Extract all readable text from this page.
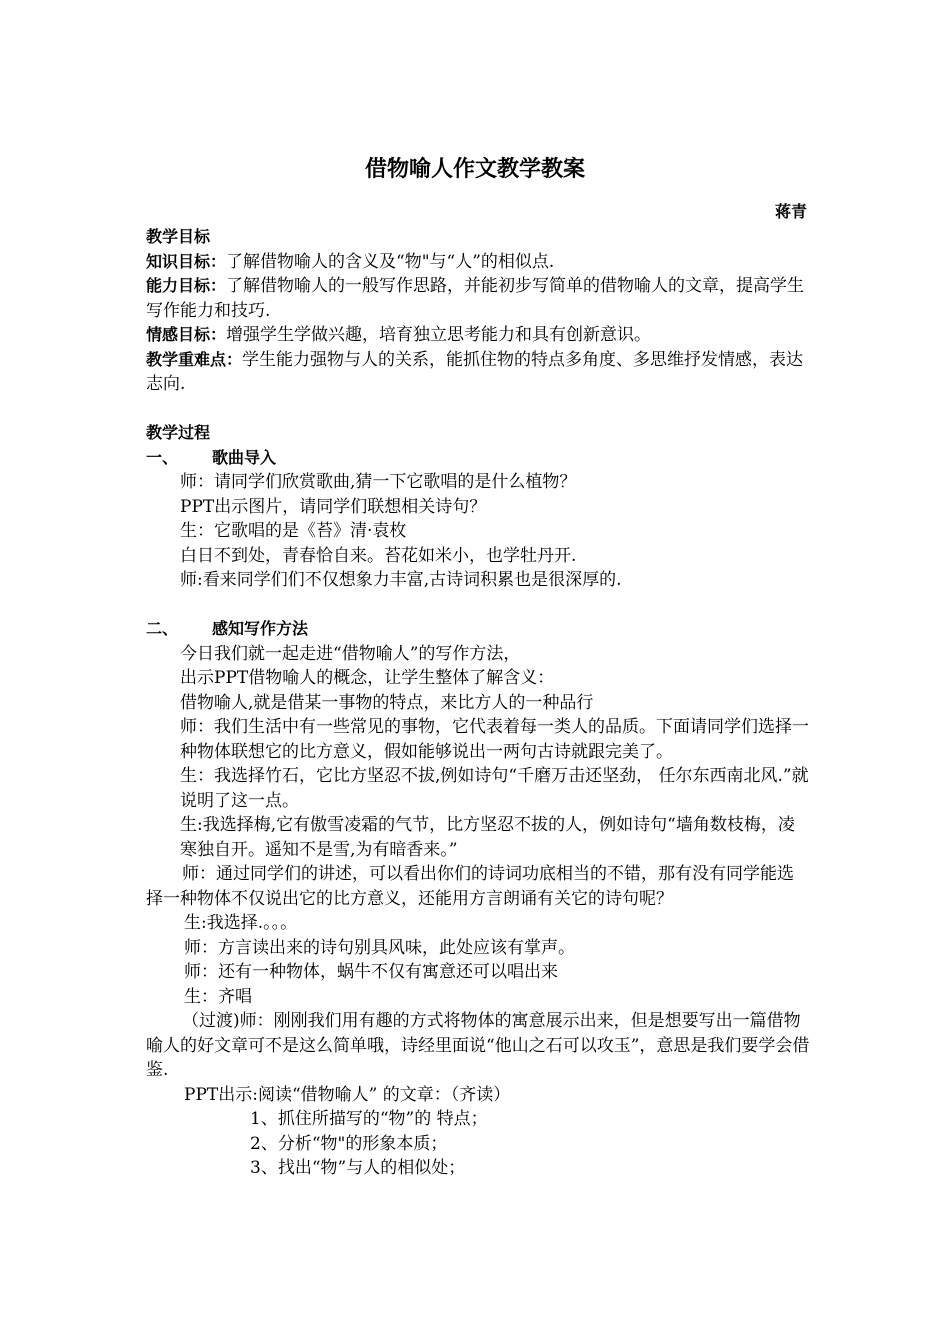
借物喻人作文教学教案
蒋青

教学目标

知识目标：了解借物喻人的含义及“物"与“人”的相似点.

能力目标：了解借物喻人的一般写作思路，并能初步写简单的借物喻人的文章，提高学生写作能力和技巧.

情感目标：增强学生学做兴趣，培育独立思考能力和具有创新意识。

教学重难点：学生能力强物与人的关系，能抓住物的特点多角度、多思维抒发情感，表达志向.

教学过程

一、 歌曲导入

师：请同学们欣赏歌曲,猜一下它歌唱的是什么植物？

PPT出示图片，请同学们联想相关诗句？

生：它歌唱的是《苔》清·袁枚

白日不到处，青春恰自来。苔花如米小，也学牡丹开.

师:看来同学们们不仅想象力丰富,古诗词积累也是很深厚的.

二、 感知写作方法

今日我们就一起走进“借物喻人”的写作方法，

出示PPT借物喻人的概念，让学生整体了解含义：

借物喻人,就是借某一事物的特点，来比方人的一种品行

师：我们生活中有一些常见的事物，它代表着每一类人的品质。下面请同学们选择一种物体联想它的比方意义，假如能够说出一两句古诗就跟完美了。

生：我选择竹石，它比方坚忍不拔,例如诗句“千磨万击还坚劲， 任尔东西南北风.”就说明了这一点。

生:我选择梅,它有傲雪凌霜的气节，比方坚忍不拔的人，例如诗句“墙角数枝梅，凌寒独自开。遥知不是雪,为有暗香来。”

师：通过同学们的讲述，可以看出你们的诗词功底相当的不错，那有没有同学能选择一种物体不仅说出它的比方意义，还能用方言朗诵有关它的诗句呢？

生:我选择.。。。

师：方言读出来的诗句别具风味，此处应该有掌声。

师：还有一种物体，蜗牛不仅有寓意还可以唱出来

生：齐唱

（过渡)师：刚刚我们用有趣的方式将物体的寓意展示出来，但是想要写出一篇借物喻人的好文章可不是这么简单哦，诗经里面说“他山之石可以攻玉”，意思是我们要学会借鉴.

PPT出示:阅读“借物喻人” 的文章：（齐读）

1、抓住所描写的“物”的 特点；

2、分析“物"的形象本质；

3、找出“物”与人的相似处；
